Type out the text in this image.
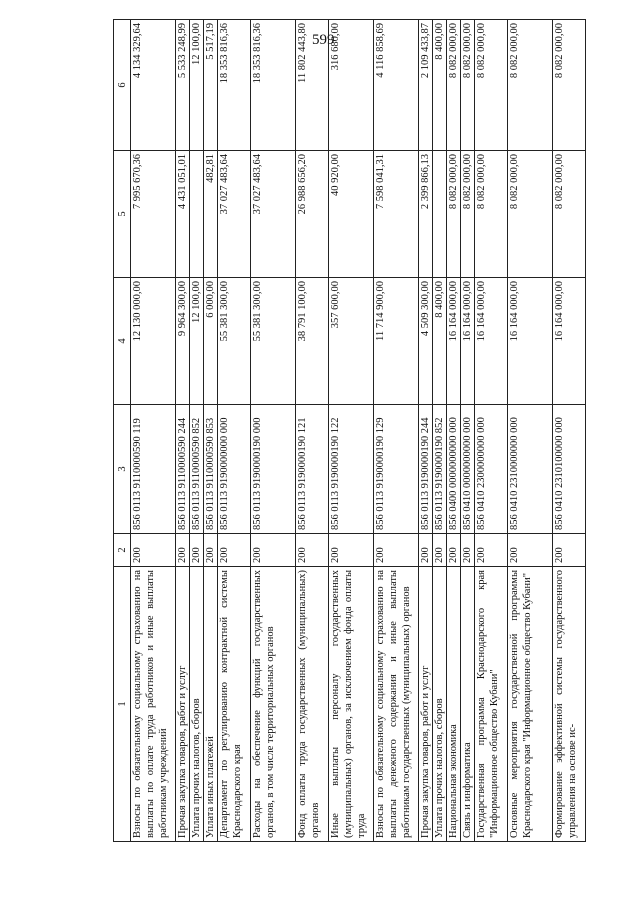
599
1	2	3	4	5	6
Взносы по обязательному социальному страхованию на выплаты по оплате труда работников и иные выплаты работникам учреждений	200	856 0113 9110000590 119	12 130 000,00	7 995 670,36	4 134 329,64
Прочая закупка товаров, работ и услуг	200	856 0113 9110000590 244	9 964 300,00	4 431 051,01	5 533 248,99
Уплата прочих налогов, сборов	200	856 0113 9110000590 852	12 100,00		12 100,00
Уплата иных платежей	200	856 0113 9110000590 853	6 000,00	482,81	5 517,19
Департамент по регулированию контрактной системы Краснодарского края	200	856 0113 9190000000 000	55 381 300,00	37 027 483,64	18 353 816,36
Расходы на обеспечение функций государственных органов, в том числе территориальных органов	200	856 0113 9190000190 000	55 381 300,00	37 027 483,64	18 353 816,36
Фонд оплаты труда государственных (муниципальных) органов	200	856 0113 9190000190 121	38 791 100,00	26 988 656,20	11 802 443,80
Иные выплаты персоналу государственных (муниципальных) органов, за исключением фонда оплаты труда	200	856 0113 9190000190 122	357 600,00	40 920,00	316 680,00
Взносы по обязательному социальному страхованию на выплаты денежного содержания и иные выплаты работникам государственных (муниципальных) органов	200	856 0113 9190000190 129	11 714 900,00	7 598 041,31	4 116 858,69
Прочая закупка товаров, работ и услуг	200	856 0113 9190000190 244	4 509 300,00	2 399 866,13	2 109 433,87
Уплата прочих налогов, сборов	200	856 0113 9190000190 852	8 400,00		8 400,00
Национальная экономика	200	856 0400 0000000000 000	16 164 000,00	8 082 000,00	8 082 000,00
Связь и информатика	200	856 0410 0000000000 000	16 164 000,00	8 082 000,00	8 082 000,00
Государственная программа Краснодарского края "Информационное общество Кубани"	200	856 0410 2300000000 000	16 164 000,00	8 082 000,00	8 082 000,00
Основные мероприятия государственной программы Краснодарского края "Информационное общество Кубани"	200	856 0410 2310000000 000	16 164 000,00	8 082 000,00	8 082 000,00
Формирование эффективной системы государственного управления на основе ис-	200	856 0410 2310100000 000	16 164 000,00	8 082 000,00	8 082 000,00
